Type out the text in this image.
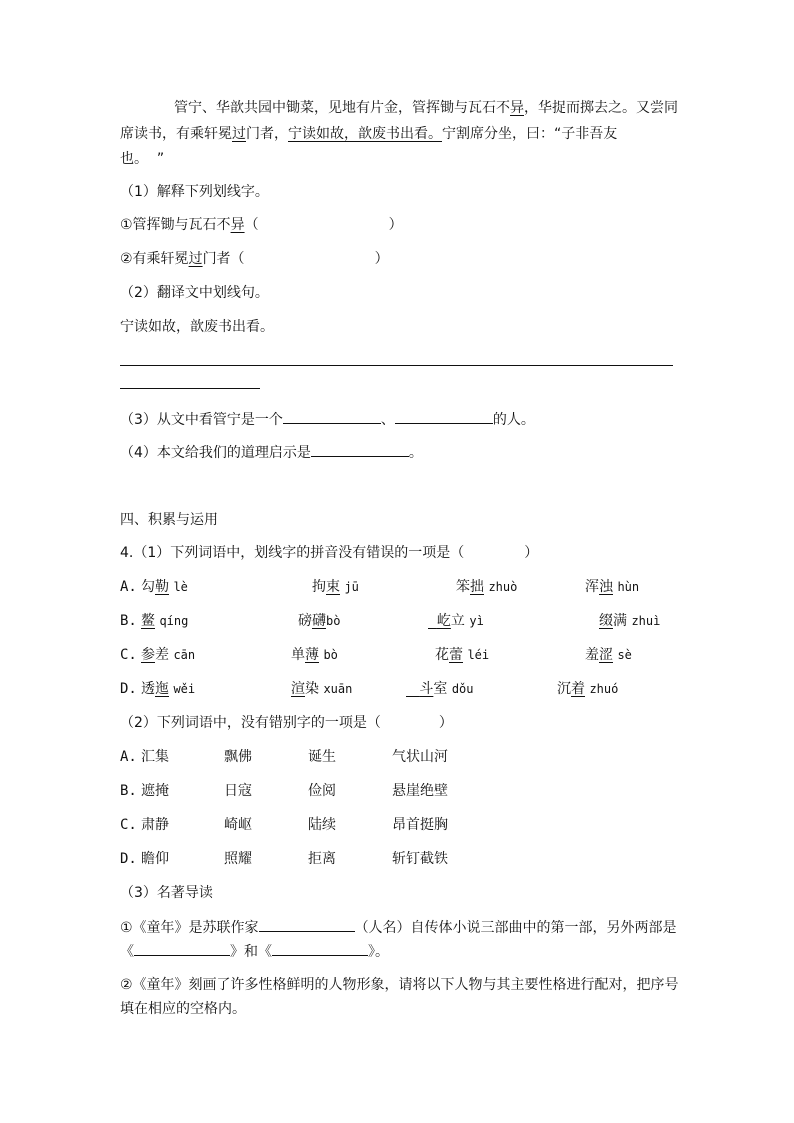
管宁、华歆共园中锄菜，见地有片金，管挥锄与瓦石不异，华捉而掷去之。又尝同
席读书，有乘轩冕过门者，宁读如故，歆废书出看。宁割席分坐，曰：“子非吾友
也。  ”
（1）解释下列划线字。
①管挥锄与瓦石不异（	）
②有乘轩冕过门者（	）
（2）翻译文中划线句。
宁读如故，歆废书出看。
（3）从文中看管宁是一个	、	的人。
（4）本文给我们的道理启示是	。
四、积累与运用
4.（1）下列词语中，划线字的拼音没有错误的一项是（	）
A. 勾勒 lè	拘束 jū	笨拙 zhuò	浑浊 hùn
B. 鳌 qíng	磅礴bò	屹立 yì	缀满 zhuì
C. 参差 cān	单薄 bò	花蕾 léi	羞涩 sè
D. 透迤 wěi	渲染 xuān	斗室 dǒu	沉着 zhuó
（2）下列词语中，没有错别字的一项是（	）
A. 汇集	飘佛	诞生	气状山河
B. 遮掩	日寇	俭阅	悬崖绝壁
C. 肃静	崎岖	陆续	昂首挺胸
D. 瞻仰	照耀	拒离	斩钉截铁
（3）名著导读
①《童年》是苏联作家	（人名）自传体小说三部曲中的第一部，另外两部是
《	》和《	》。
②《童年》刻画了许多性格鲜明的人物形象，请将以下人物与其主要性格进行配对，把序号
填在相应的空格内。
